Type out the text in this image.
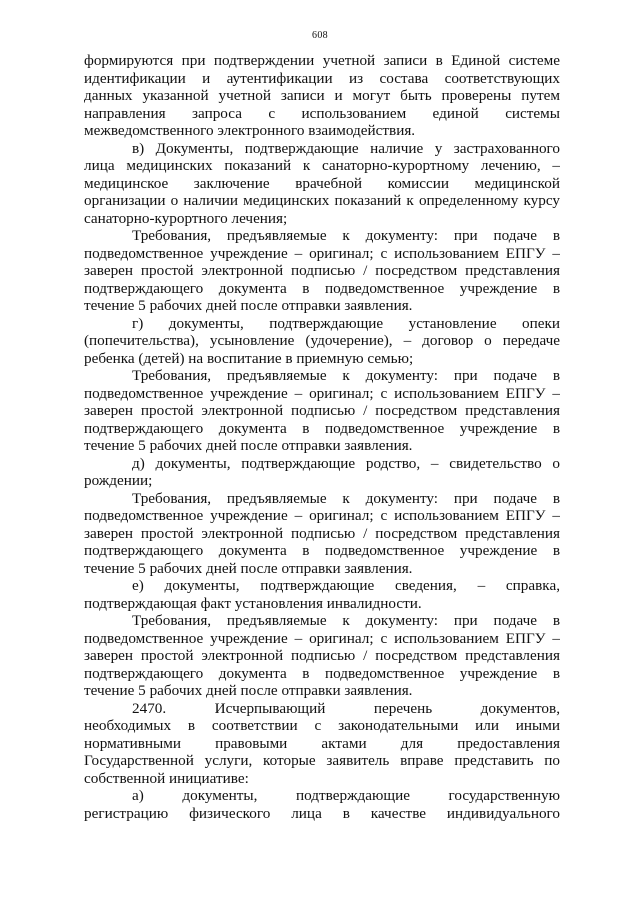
608
формируются при подтверждении учетной записи в Единой системе
идентификации и аутентификации из состава соответствующих
данных указанной учетной записи и могут быть проверены путем
направления запроса с использованием единой системы
межведомственного электронного взаимодействия.
в) Документы, подтверждающие наличие у застрахованного
лица медицинских показаний к санаторно-курортному лечению, –
медицинское заключение врачебной комиссии медицинской
организации о наличии медицинских показаний к определенному курсу
санаторно-курортного лечения;
Требования, предъявляемые к документу: при подаче в
подведомственное учреждение – оригинал; с использованием ЕПГУ –
заверен простой электронной подписью / посредством представления
подтверждающего документа в подведомственное учреждение в
течение 5 рабочих дней после отправки заявления.
г) документы, подтверждающие установление опеки
(попечительства), усыновление (удочерение), – договор о передаче
ребенка (детей) на воспитание в приемную семью;
Требования, предъявляемые к документу: при подаче в
подведомственное учреждение – оригинал; с использованием ЕПГУ –
заверен простой электронной подписью / посредством представления
подтверждающего документа в подведомственное учреждение в
течение 5 рабочих дней после отправки заявления.
д) документы, подтверждающие родство, – свидетельство о
рождении;
Требования, предъявляемые к документу: при подаче в
подведомственное учреждение – оригинал; с использованием ЕПГУ –
заверен простой электронной подписью / посредством представления
подтверждающего документа в подведомственное учреждение в
течение 5 рабочих дней после отправки заявления.
е) документы, подтверждающие сведения, – справка,
подтверждающая факт установления инвалидности.
Требования, предъявляемые к документу: при подаче в
подведомственное учреждение – оригинал; с использованием ЕПГУ –
заверен простой электронной подписью / посредством представления
подтверждающего документа в подведомственное учреждение в
течение 5 рабочих дней после отправки заявления.
2470. Исчерпывающий перечень документов,
необходимых в соответствии с законодательными или иными
нормативными правовыми актами для предоставления
Государственной услуги, которые заявитель вправе представить по
собственной инициативе:
а) документы, подтверждающие государственную
регистрацию физического лица в качестве индивидуального
